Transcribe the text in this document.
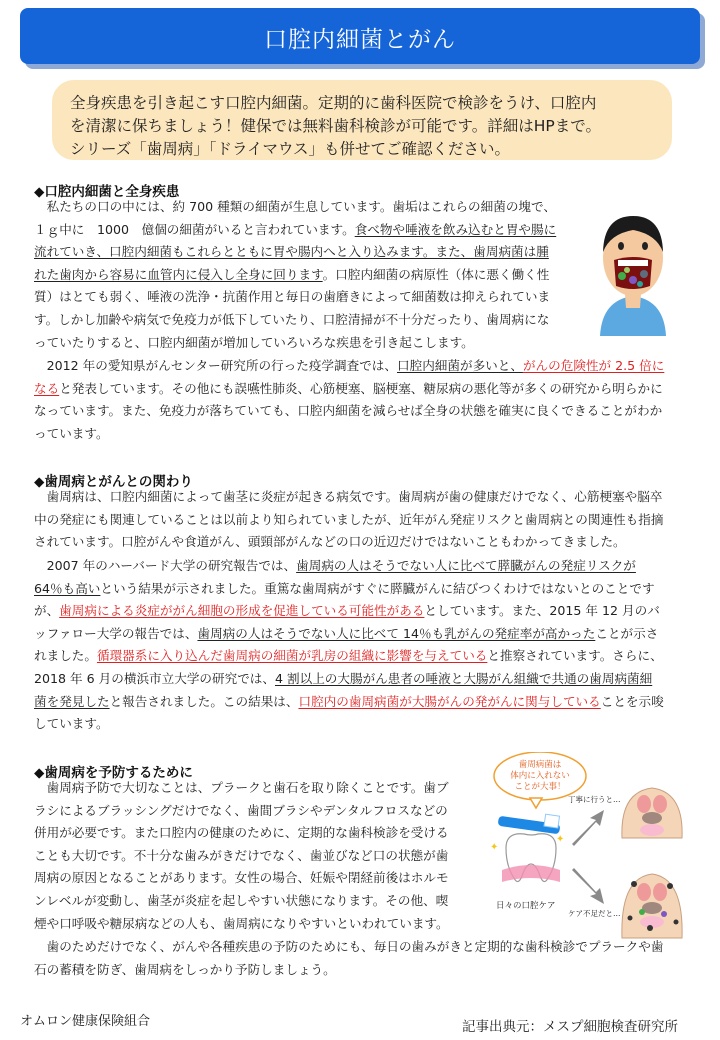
口腔内細菌とがん

全身疾患を引き起こす口腔内細菌。定期的に歯科医院で検診をうけ、口腔内

を清潔に保ちましょう！健保では無料歯科検診が可能です。詳細はHPまで。

シリーズ「歯周病」「ドライマウス」も併せてご確認ください。

◆口腔内細菌と全身疾患

　私たちの口の中には、約 700 種類の細菌が生息しています。歯垢はこれらの細菌の塊で、

１ｇ中に　1000　億個の細菌がいると言われています。食べ物や唾液を飲み込むと胃や腸に

流れていき、口腔内細菌もこれらとともに胃や腸内へと入り込みます。また、歯周病菌は腫

れた歯肉から容易に血管内に侵入し全身に回ります。口腔内細菌の病原性（体に悪く働く性

質）はとても弱く、唾液の洗浄・抗菌作用と毎日の歯磨きによって細菌数は抑えられていま

す。しかし加齢や病気で免疫力が低下していたり、口腔清掃が不十分だったり、歯周病にな

っていたりすると、口腔内細菌が増加していろいろな疾患を引き起こします。

　2012 年の愛知県がんセンター研究所の行った疫学調査では、口腔内細菌が多いと、がんの危険性が 2.5 倍に

なると発表しています。その他にも誤嚥性肺炎、心筋梗塞、脳梗塞、糖尿病の悪化等が多くの研究から明らかに

なっています。また、免疫力が落ちていても、口腔内細菌を減らせば全身の状態を確実に良くできることがわか

っています。

◆歯周病とがんとの関わり

　歯周病は、口腔内細菌によって歯茎に炎症が起きる病気です。歯周病が歯の健康だけでなく、心筋梗塞や脳卒

中の発症にも関連していることは以前より知られていましたが、近年がん発症リスクと歯周病との関連性も指摘

されています。口腔がんや食道がん、頭頸部がんなどの口の近辺だけではないこともわかってきました。

　2007 年のハーバード大学の研究報告では、歯周病の人はそうでない人に比べて膵臓がんの発症リスクが

64％も高いという結果が示されました。重篤な歯周病がすぐに膵臓がんに結びつくわけではないとのことです

が、歯周病による炎症ががん細胞の形成を促進している可能性があるとしています。また、2015 年 12 月のバ

ッファロー大学の報告では、歯周病の人はそうでない人に比べて 14％も乳がんの発症率が高かったことが示さ

れました。循環器系に入り込んだ歯周病の細菌が乳房の組織に影響を与えていると推察されています。さらに、

2018 年 6 月の横浜市立大学の研究では、4 割以上の大腸がん患者の唾液と大腸がん組織で共通の歯周病菌細

菌を発見したと報告されました。この結果は、口腔内の歯周病菌が大腸がんの発がんに関与していることを示唆

しています。

◆歯周病を予防するために

　歯周病予防で大切なことは、プラークと歯石を取り除くことです。歯ブ

ラシによるブラッシングだけでなく、歯間ブラシやデンタルフロスなどの

併用が必要です。また口腔内の健康のために、定期的な歯科検診を受ける

ことも大切です。不十分な歯みがきだけでなく、歯並びなど口の状態が歯

周病の原因となることがあります。女性の場合、妊娠や閉経前後はホルモ

ンレベルが変動し、歯茎が炎症を起しやすい状態になります。その他、喫

煙や口呼吸や糖尿病などの人も、歯周病になりやすいといわれています。

　歯のためだけでなく、がんや各種疾患の予防のためにも、毎日の歯みがきと定期的な歯科検診でプラークや歯

石の蓄積を防ぎ、歯周病をしっかり予防しましょう。

歯周病菌は
体内に入れない
ことが大事！
日々の口腔ケア
✦
✦
丁寧に行うと…
ケア不足だと…
オムロン健康保険組合	記事出典元：メスプ細胞検査研究所
